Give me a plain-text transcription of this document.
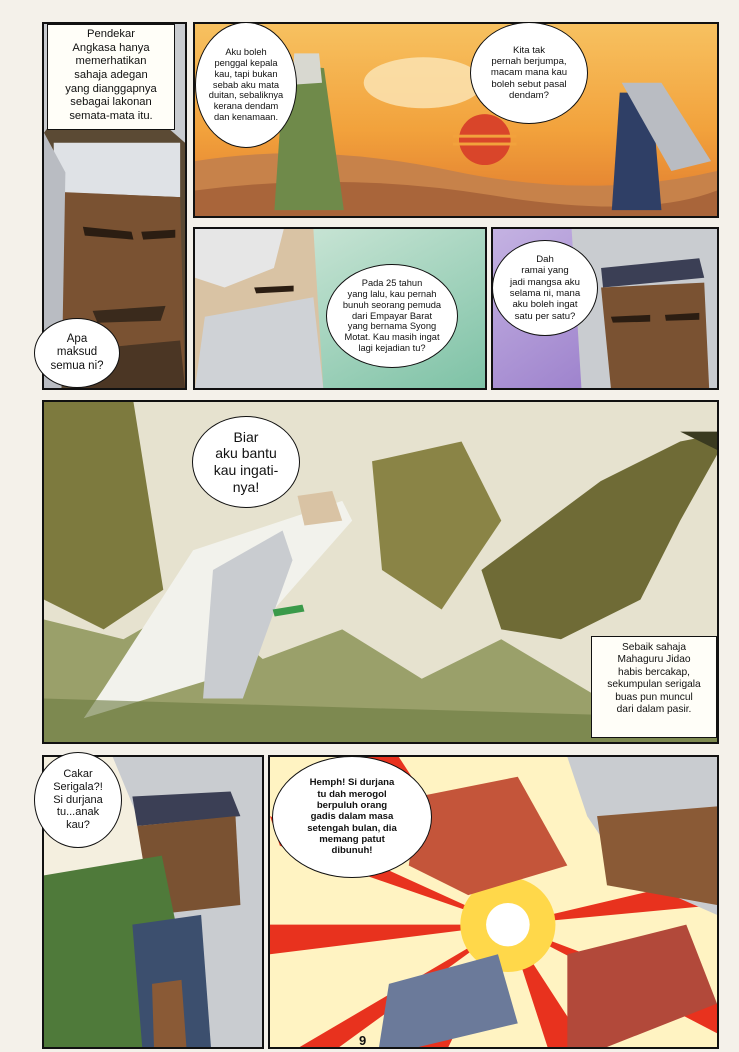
Pendekar
Angkasa hanya
memerhatikan
sahaja adegan
yang dianggapnya
sebagai lakonan
semata-mata itu.
Sebaik sahaja
Mahaguru Jidao
habis bercakap,
sekumpulan serigala
buas pun muncul
dari dalam pasir.
Aku boleh
penggal kepala
kau, tapi bukan
sebab aku mata
duitan, sebaliknya
kerana dendam
dan kenamaan.
Kita tak
pernah berjumpa,
macam mana kau
boleh sebut pasal
dendam?
Apa
maksud
semua ni?
Pada 25 tahun
yang lalu, kau pernah
bunuh seorang pemuda
dari Empayar Barat
yang bernama Syong
Motat. Kau masih ingat
lagi kejadian tu?
Dah
ramai yang
jadi mangsa aku
selama ni, mana
aku boleh ingat
satu per satu?
Biar
aku bantu
kau ingati-
nya!
Cakar
Serigala?!
Si durjana
tu...anak
kau?
Hemph! Si durjana
tu dah merogol
berpuluh orang
gadis dalam masa
setengah bulan, dia
memang patut
dibunuh!
9
